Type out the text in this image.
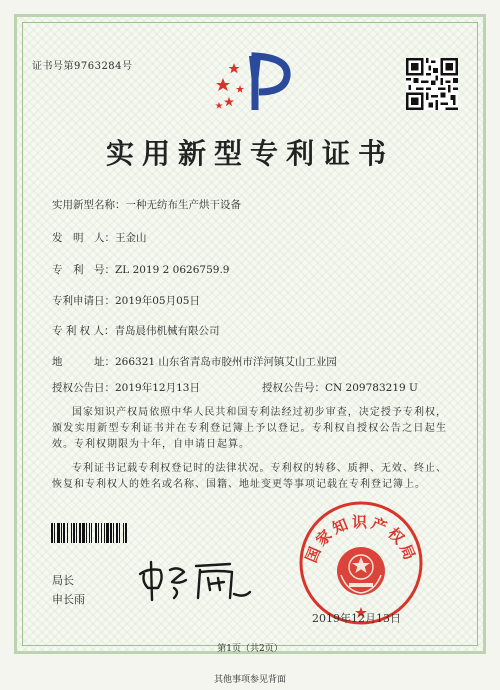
证书号第9763284号
实用新型专利证书
实用新型名称：一种无纺布生产烘干设备
发　明　人：王金山
专　利　号：ZL 2019 2 0626759.9
专利申请日：2019年05月05日
专 利 权 人：青岛晨伟机械有限公司
地　　　址：266321 山东省青岛市胶州市洋河镇艾山工业园
授权公告日：2019年12月13日	授权公告号：CN 209783219 U
国家知识产权局依照中华人民共和国专利法经过初步审查，决定授予专利权，颁发实用新型专利证书并在专利登记簿上予以登记。专利权自授权公告之日起生效。专利权期限为十年，自申请日起算。
专利证书记载专利权登记时的法律状况。专利权的转移、质押、无效、终止、恢复和专利权人的姓名或名称、国籍、地址变更等事项记载在专利登记簿上。
局长
申长雨
国家知识产权局
2019年12月13日
第1页（共2页）
其他事项参见背面
